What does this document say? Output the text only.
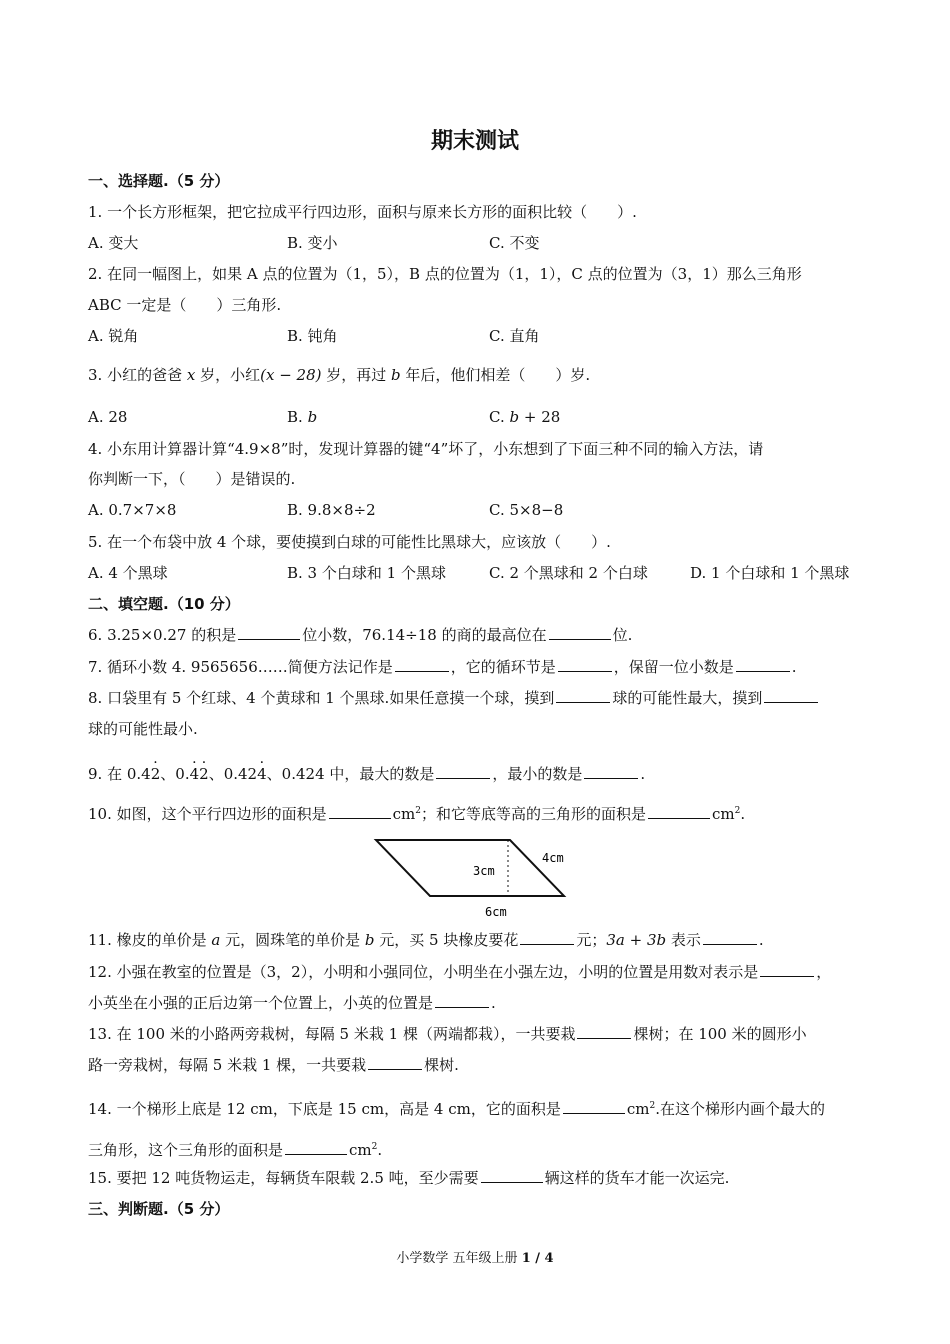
期末测试
一、选择题.（5 分）
1. 一个长方形框架，把它拉成平行四边形，面积与原来长方形的面积比较（　　）.
A. 变大	B. 变小	C. 不变
2. 在同一幅图上，如果 A 点的位置为（1，5），B 点的位置为（1，1），C 点的位置为（3，1）那么三角形
ABC 一定是（　　）三角形.
A. 锐角	B. 钝角	C. 直角
3. 小红的爸爸 x 岁，小红(x − 28) 岁，再过 b 年后，他们相差（　　）岁.
A. 28	B. b	C. b + 28
4. 小东用计算器计算“4.9×8”时，发现计算器的键“4”坏了，小东想到了下面三种不同的输入方法，请
你判断一下，（　　）是错误的.
A. 0.7×7×8	B. 9.8×8÷2	C. 5×8−8
5. 在一个布袋中放 4 个球，要使摸到白球的可能性比黑球大，应该放（　　）.
A. 4 个黑球	B. 3 个白球和 1 个黑球	C. 2 个黑球和 2 个白球	D. 1 个白球和 1 个黑球
二、填空题.（10 分）
6. 3.25×0.27 的积是	位小数，76.14÷18 的商的最高位在	位.
7. 循环小数 4. 9565656……简便方法记作是	，它的循环节是	，保留一位小数是	.
8. 口袋里有 5 个红球、4 个黄球和 1 个黑球.如果任意摸一个球，摸到	球的可能性最大，摸到
球的可能性最小.
9. 在 0.4· 2、0.· 4· 2、0.42· 4、0.424 中，最大的数是	，最小的数是	.
10. 如图，这个平行四边形的面积是	$cm^2$；和它等底等高的三角形的面积是	$cm^2$.
3cm
4cm
6cm
11. 橡皮的单价是 a 元，圆珠笔的单价是 b 元，买 5 块橡皮要花	元；3a + 3b 表示	.
12. 小强在教室的位置是（3，2），小明和小强同位，小明坐在小强左边，小明的位置是用数对表示是	，
小英坐在小强的正后边第一个位置上，小英的位置是	.
13. 在 100 米的小路两旁栽树，每隔 5 米栽 1 棵（两端都栽），一共要栽	棵树；在 100 米的圆形小
路一旁栽树，每隔 5 米栽 1 棵，一共要栽	棵树.
14. 一个梯形上底是 12 cm，下底是 15 cm，高是 4 cm，它的面积是	$cm^2$.在这个梯形内画个最大的
三角形，这个三角形的面积是	$cm^2$.
15. 要把 12 吨货物运走，每辆货车限载 2.5 吨，至少需要	辆这样的货车才能一次运完.
三、判断题.（5 分）
小学数学 五年级上册 1 / 4
